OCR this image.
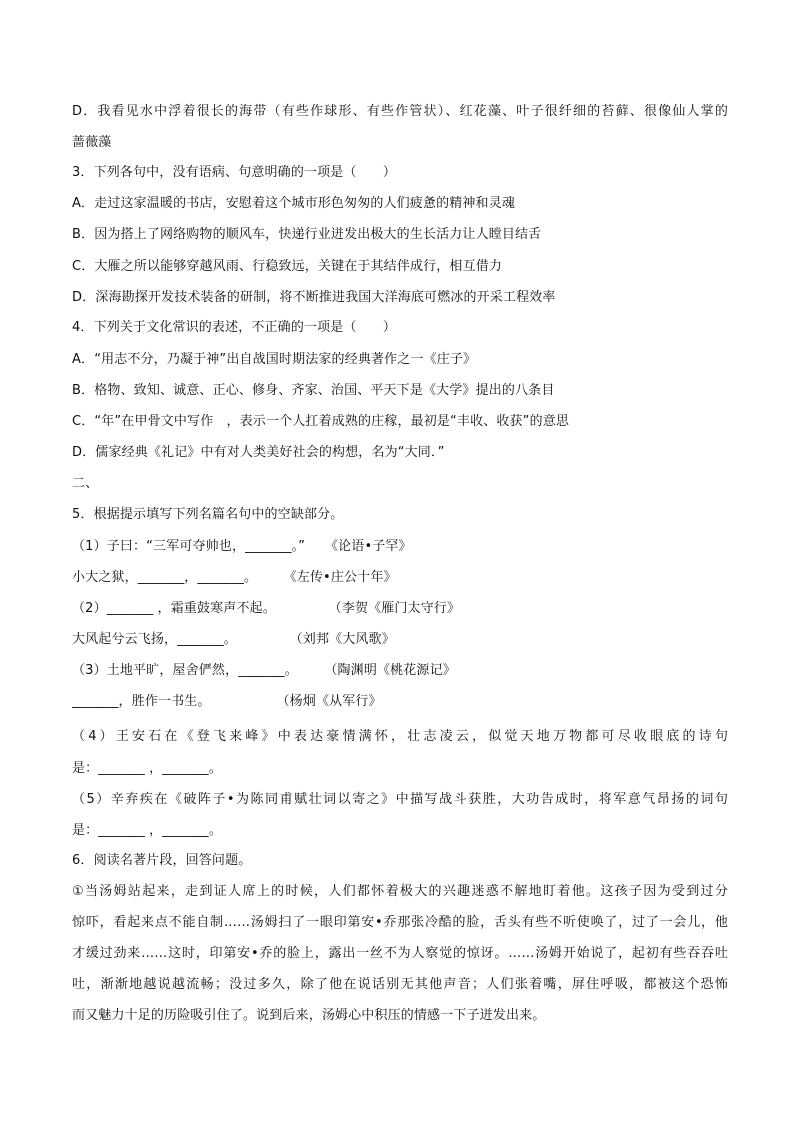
D．我看见水中浮着很长的海带（有些作球形、有些作管状）、红花藻、叶子很纤细的苔藓、很像仙人掌的
蔷薇藻
3．下列各句中，没有语病、句意明确的一项是（　　）
A．走过这家温暖的书店，安慰着这个城市形色匆匆的人们疲惫的精神和灵魂
B．因为搭上了网络购物的顺风车，快递行业迸发出极大的生长活力让人瞠目结舌
C．大雁之所以能够穿越风雨、行稳致远，关键在于其结伴成行，相互借力
D．深海勘探开发技术装备的研制，将不断推进我国大洋海底可燃冰的开采工程效率
4．下列关于文化常识的表述，不正确的一项是（　　）
A．“用志不分，乃凝于神”出自战国时期法家的经典著作之一《庄子》
B．格物、致知、诚意、正心、修身、齐家、治国、平天下是《大学》提出的八条目
C．“年”在甲骨文中写作　，表示一个人扛着成熟的庄稼，最初是“丰收、收获”的意思
D．儒家经典《礼记》中有对人类美好社会的构想，名为“大同．”
二、
5．根据提示填写下列名篇名句中的空缺部分。
（1）子曰：“三军可夺帅也，_______。”　　《论语•子罕》
小大之狱，_______，_______。　　　《左传•庄公十年》
（2）_______ ，霜重鼓寒声不起。　　　　　（李贺《雁门太守行》
大风起兮云飞扬，_______。　　　　　（刘邦《大风歌》
（3）土地平旷，屋舍俨然，_______。　　　（陶渊明《桃花源记》
_______，胜作一书生。　　　　　　（杨炯《从军行》
（4）王安石在《登飞来峰》中表达豪情满怀，壮志凌云，似觉天地万物都可尽收眼底的诗句
是：_______ ，_______。
（5）辛弃疾在《破阵子•为陈同甫赋壮词以寄之》中描写战斗获胜，大功告成时，将军意气昂扬的词句
是：_______ ，_______。
6．阅读名著片段，回答问题。
①当汤姆站起来，走到证人席上的时候，人们都怀着极大的兴趣迷惑不解地盯着他。这孩子因为受到过分
惊吓，看起来点不能自制……汤姆扫了一眼印第安•乔那张冷酷的脸，舌头有些不听使唤了，过了一会儿，他
才缓过劲来……这时，印第安•乔的脸上，露出一丝不为人察觉的惊讶。……汤姆开始说了，起初有些吞吞吐
吐，渐渐地越说越流畅；没过多久，除了他在说话别无其他声音；人们张着嘴，屏住呼吸，都被这个恐怖
而又魅力十足的历险吸引住了。说到后来，汤姆心中积压的情感一下子迸发出来。
